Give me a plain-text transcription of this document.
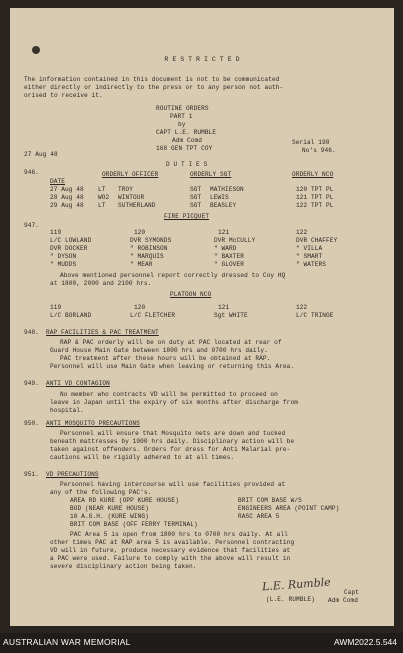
R E S T R I C T E D
The information contained in this document is not to be communicated
either directly or indirectly to the press or to any person not auth-
orised to receive it.
ROUTINE ORDERS
PART 1
by
CAPT L.E. RUMBLE
Adm Comd
168 GEN TPT COY
Serial 198
No's 946.
27 Aug 48
946.
D U T I E S
DATE
ORDERLY OFFICER	ORDERLY SGT	ORDERLY NCO
27 Aug 48 LT TROY	SGT MATHIESON	120 TPT PL
28 Aug 48 WO2 WINTOUR	SGT LEWIS	121 TPT PL
29 Aug 48 LT SUTHERLAND	SGT BEASLEY	122 TPT PL
947.
FIRE PICQUET
119	120	121	122
L/C LOWLAND	DVR SYMONDS	DVR McCULLY	DVR CHAFFEY
DVR DOCKER	" ROBINSON	" WARD	" VILLA
" DYSON	" MARQUIS	" BAXTER	" SMART
" MUDDS	" MEAR	" GLOVER	" WATERS
Above mentioned personnel report correctly dressed to Coy HQ
at 1800, 2000 and 2100 hrs.
PLATOON NCO
119	120	121	122
L/C BORLAND	L/C FLETCHER	Sgt WHITE	L/C TRINGE
948. RAP FACILITIES & PAC TREATMENT
RAP & PAC orderly will be on duty at PAC located at rear of
Guard House Main Gate between 1800 hrs and 0700 hrs daily.
PAC treatment after these hours will be obtained at RAP.
Personnel will use Main Gate when leaving or returning this Area.
949. ANTI VD CONTAGION
No member who contracts VD will be permitted to proceed on
leave in Japan until the expiry of six months after discharge from
hospital.
950. ANTI MOSQUITO PRECAUTIONS
Personnel will ensure that Mosquito nets are down and tucked
beneath mattresses by 1900 hrs daily. Disciplinary action will be
taken against offenders. Orders for dress for Anti Malarial pre-
cautions will be rigidly adhered to at all times.
951. VD PRECAUTIONS
Personnel having intercourse will use facilities provided at
any of the following PAC's.
AREA RD KURE (OPP KURE HOUSE)
BOD (NEAR KURE HOUSE)
10 A.G.H. (KURE WING)
BRIT COM BASE (OFF FERRY TERMINAL)
BRIT COM BASE W/S
ENGINEERS AREA (POINT CAMP)
RASC AREA 5
PAC Area 5 is open from 1800 hrs to 0700 hrs daily. At all
other times PAC at RAP area 5 is available. Personnel contracting
VD will in future, produce necessary evidence that facilities at
a PAC were used. Failure to comply with the above will result in
severe disciplinary action being taken.
L.E. Rumble Capt
(L.E. RUMBLE) Adm Comd
AUSTRALIAN WAR MEMORIAL	AWM2022.5.544
